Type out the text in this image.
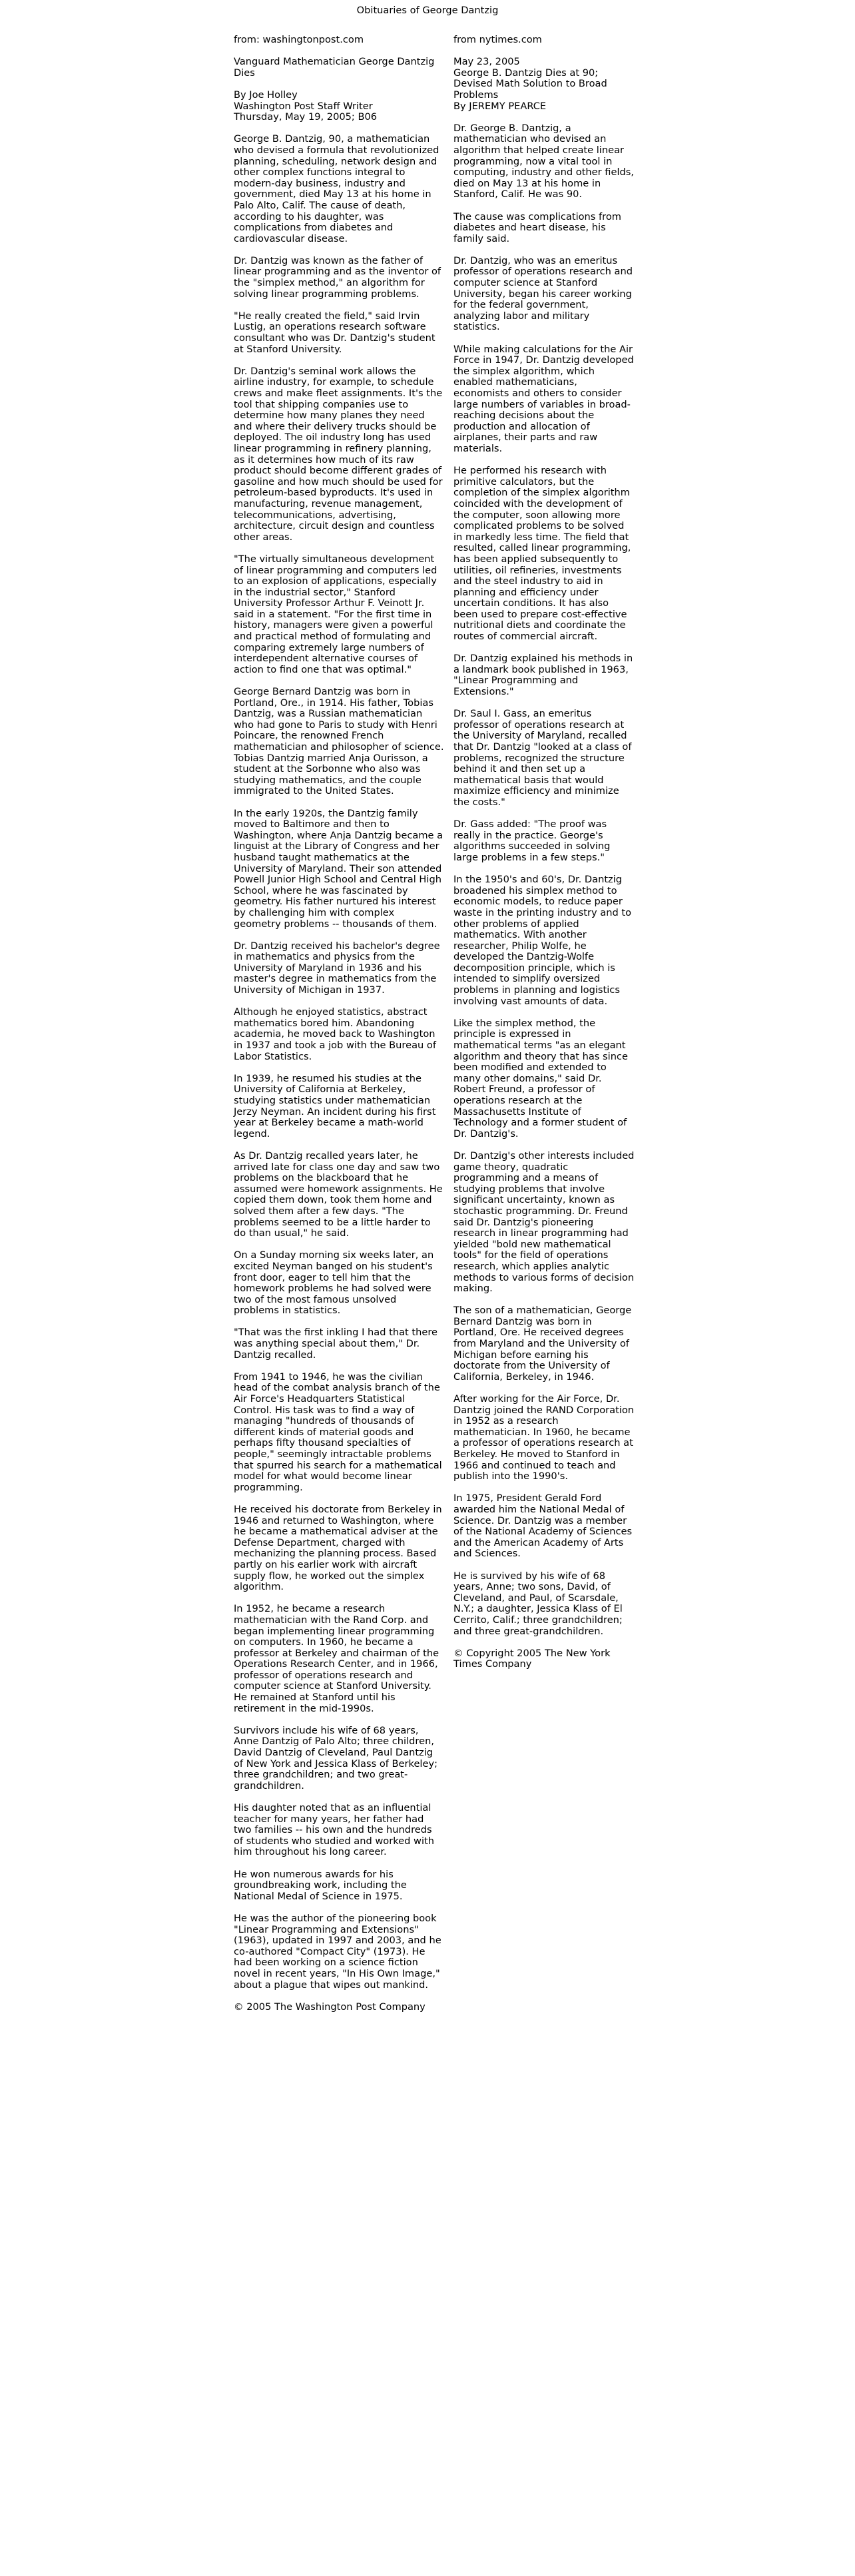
Obituaries of George Dantzig

from: washingtonpost.com

Vanguard Mathematician George Dantzig Dies

By Joe Holley
Washington Post Staff Writer
Thursday, May 19, 2005; B06

George B. Dantzig, 90, a mathematician who devised a formula that revolutionized planning, scheduling, network design and other complex functions integral to modern-day business, industry and government, died May 13 at his home in Palo Alto, Calif. The cause of death, according to his daughter, was complications from diabetes and cardiovascular disease.

Dr. Dantzig was known as the father of linear programming and as the inventor of the "simplex method," an algorithm for solving linear programming problems.

"He really created the field," said Irvin Lustig, an operations research software consultant who was Dr. Dantzig's student at Stanford University.

Dr. Dantzig's seminal work allows the airline industry, for example, to schedule crews and make fleet assignments. It's the tool that shipping companies use to determine how many planes they need and where their delivery trucks should be deployed. The oil industry long has used linear programming in refinery planning, as it determines how much of its raw product should become different grades of gasoline and how much should be used for petroleum-based byproducts. It's used in manufacturing, revenue management, telecommunications, advertising, architecture, circuit design and countless other areas.

"The virtually simultaneous development of linear programming and computers led to an explosion of applications, especially in the industrial sector," Stanford University Professor Arthur F. Veinott Jr. said in a statement. "For the first time in history, managers were given a powerful and practical method of formulating and comparing extremely large numbers of interdependent alternative courses of action to find one that was optimal."

George Bernard Dantzig was born in Portland, Ore., in 1914. His father, Tobias Dantzig, was a Russian mathematician who had gone to Paris to study with Henri Poincare, the renowned French mathematician and philosopher of science. Tobias Dantzig married Anja Ourisson, a student at the Sorbonne who also was studying mathematics, and the couple immigrated to the United States.

In the early 1920s, the Dantzig family moved to Baltimore and then to Washington, where Anja Dantzig became a linguist at the Library of Congress and her husband taught mathematics at the University of Maryland. Their son attended Powell Junior High School and Central High School, where he was fascinated by geometry. His father nurtured his interest by challenging him with complex geometry problems -- thousands of them.

Dr. Dantzig received his bachelor's degree in mathematics and physics from the University of Maryland in 1936 and his master's degree in mathematics from the University of Michigan in 1937.

Although he enjoyed statistics, abstract mathematics bored him. Abandoning academia, he moved back to Washington in 1937 and took a job with the Bureau of Labor Statistics.

In 1939, he resumed his studies at the University of California at Berkeley, studying statistics under mathematician Jerzy Neyman. An incident during his first year at Berkeley became a math-world legend.

As Dr. Dantzig recalled years later, he arrived late for class one day and saw two problems on the blackboard that he assumed were homework assignments. He copied them down, took them home and solved them after a few days. "The problems seemed to be a little harder to do than usual," he said.

On a Sunday morning six weeks later, an excited Neyman banged on his student's front door, eager to tell him that the homework problems he had solved were two of the most famous unsolved problems in statistics.

"That was the first inkling I had that there was anything special about them," Dr. Dantzig recalled.

From 1941 to 1946, he was the civilian head of the combat analysis branch of the Air Force's Headquarters Statistical Control. His task was to find a way of managing "hundreds of thousands of different kinds of material goods and perhaps fifty thousand specialties of people," seemingly intractable problems that spurred his search for a mathematical model for what would become linear programming.

He received his doctorate from Berkeley in 1946 and returned to Washington, where he became a mathematical adviser at the Defense Department, charged with mechanizing the planning process. Based partly on his earlier work with aircraft supply flow, he worked out the simplex algorithm.

In 1952, he became a research mathematician with the Rand Corp. and began implementing linear programming on computers. In 1960, he became a professor at Berkeley and chairman of the Operations Research Center, and in 1966, professor of operations research and computer science at Stanford University. He remained at Stanford until his retirement in the mid-1990s.

Survivors include his wife of 68 years, Anne Dantzig of Palo Alto; three children, David Dantzig of Cleveland, Paul Dantzig of New York and Jessica Klass of Berkeley; three grandchildren; and two great-grandchildren.

His daughter noted that as an influential teacher for many years, her father had two families -- his own and the hundreds of students who studied and worked with him throughout his long career.

He won numerous awards for his groundbreaking work, including the National Medal of Science in 1975.

He was the author of the pioneering book "Linear Programming and Extensions" (1963), updated in 1997 and 2003, and he co-authored "Compact City" (1973). He had been working on a science fiction novel in recent years, "In His Own Image," about a plague that wipes out mankind.

© 2005 The Washington Post Company

from nytimes.com

May 23, 2005
George B. Dantzig Dies at 90; Devised Math Solution to Broad Problems
By JEREMY PEARCE

Dr. George B. Dantzig, a mathematician who devised an algorithm that helped create linear programming, now a vital tool in computing, industry and other fields, died on May 13 at his home in Stanford, Calif. He was 90.

The cause was complications from diabetes and heart disease, his family said.

Dr. Dantzig, who was an emeritus professor of operations research and computer science at Stanford University, began his career working for the federal government, analyzing labor and military statistics.

While making calculations for the Air Force in 1947, Dr. Dantzig developed the simplex algorithm, which enabled mathematicians, economists and others to consider large numbers of variables in broad-reaching decisions about the production and allocation of airplanes, their parts and raw materials.

He performed his research with primitive calculators, but the completion of the simplex algorithm coincided with the development of the computer, soon allowing more complicated problems to be solved in markedly less time. The field that resulted, called linear programming, has been applied subsequently to utilities, oil refineries, investments and the steel industry to aid in planning and efficiency under uncertain conditions. It has also been used to prepare cost-effective nutritional diets and coordinate the routes of commercial aircraft.

Dr. Dantzig explained his methods in a landmark book published in 1963, "Linear Programming and Extensions."

Dr. Saul I. Gass, an emeritus professor of operations research at the University of Maryland, recalled that Dr. Dantzig "looked at a class of problems, recognized the structure behind it and then set up a mathematical basis that would maximize efficiency and minimize the costs."

Dr. Gass added: "The proof was really in the practice. George's algorithms succeeded in solving large problems in a few steps."

In the 1950's and 60's, Dr. Dantzig broadened his simplex method to economic models, to reduce paper waste in the printing industry and to other problems of applied mathematics. With another researcher, Philip Wolfe, he developed the Dantzig-Wolfe decomposition principle, which is intended to simplify oversized problems in planning and logistics involving vast amounts of data.

Like the simplex method, the principle is expressed in mathematical terms "as an elegant algorithm and theory that has since been modified and extended to many other domains," said Dr. Robert Freund, a professor of operations research at the Massachusetts Institute of Technology and a former student of Dr. Dantzig's.

Dr. Dantzig's other interests included game theory, quadratic programming and a means of studying problems that involve significant uncertainty, known as stochastic programming. Dr. Freund said Dr. Dantzig's pioneering research in linear programming had yielded "bold new mathematical tools" for the field of operations research, which applies analytic methods to various forms of decision making.

The son of a mathematician, George Bernard Dantzig was born in Portland, Ore. He received degrees from Maryland and the University of Michigan before earning his doctorate from the University of California, Berkeley, in 1946.

After working for the Air Force, Dr. Dantzig joined the RAND Corporation in 1952 as a research mathematician. In 1960, he became a professor of operations research at Berkeley. He moved to Stanford in 1966 and continued to teach and publish into the 1990's.

In 1975, President Gerald Ford awarded him the National Medal of Science. Dr. Dantzig was a member of the National Academy of Sciences and the American Academy of Arts and Sciences.

He is survived by his wife of 68 years, Anne; two sons, David, of Cleveland, and Paul, of Scarsdale, N.Y.; a daughter, Jessica Klass of El Cerrito, Calif.; three grandchildren; and three great-grandchildren.

© Copyright 2005 The New York Times Company
